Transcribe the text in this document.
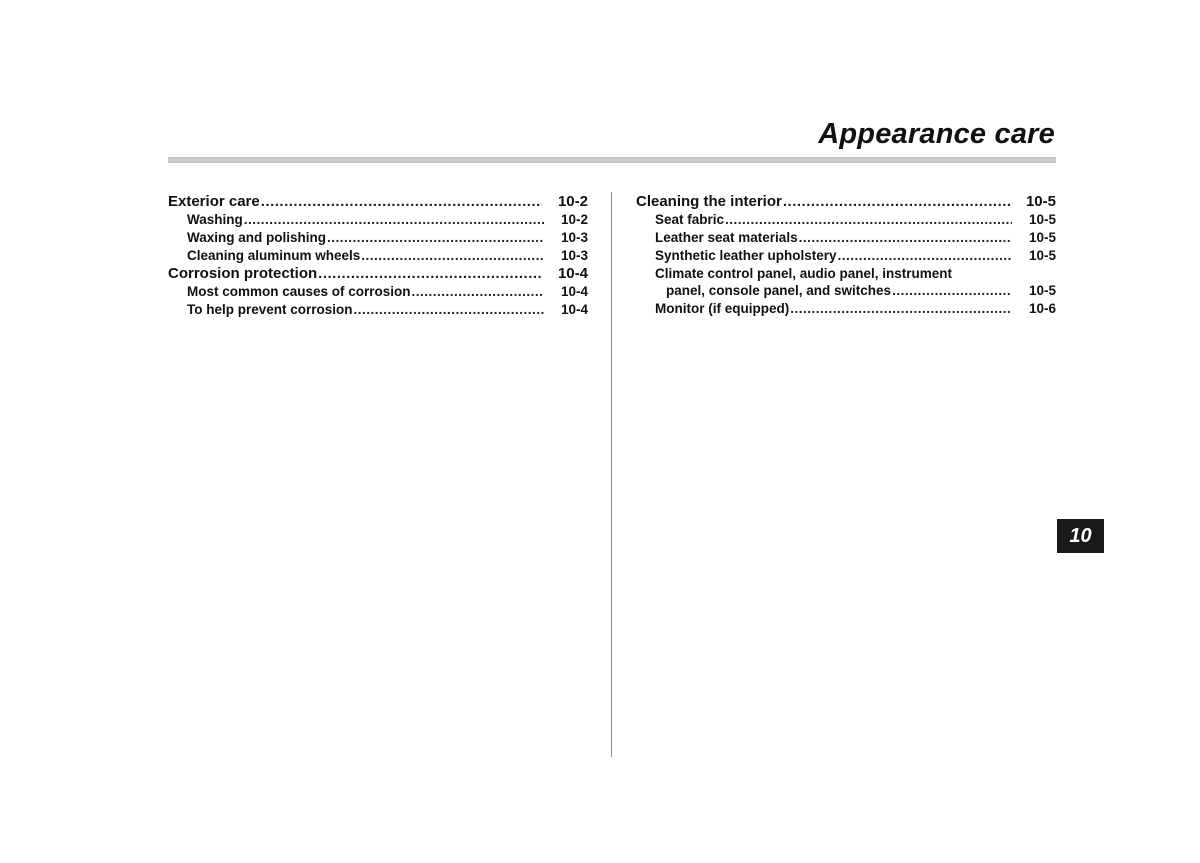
Appearance care
Exterior care .....	10-2
Washing .....	10-2
Waxing and polishing .....	10-3
Cleaning aluminum wheels .....	10-3
Corrosion protection .....	10-4
Most common causes of corrosion .....	10-4
To help prevent corrosion .....	10-4
Cleaning the interior .....	10-5
Seat fabric .....	10-5
Leather seat materials .....	10-5
Synthetic leather upholstery .....	10-5
Climate control panel, audio panel, instrument
panel, console panel, and switches .....	10-5
Monitor (if equipped) .....	10-6
10
